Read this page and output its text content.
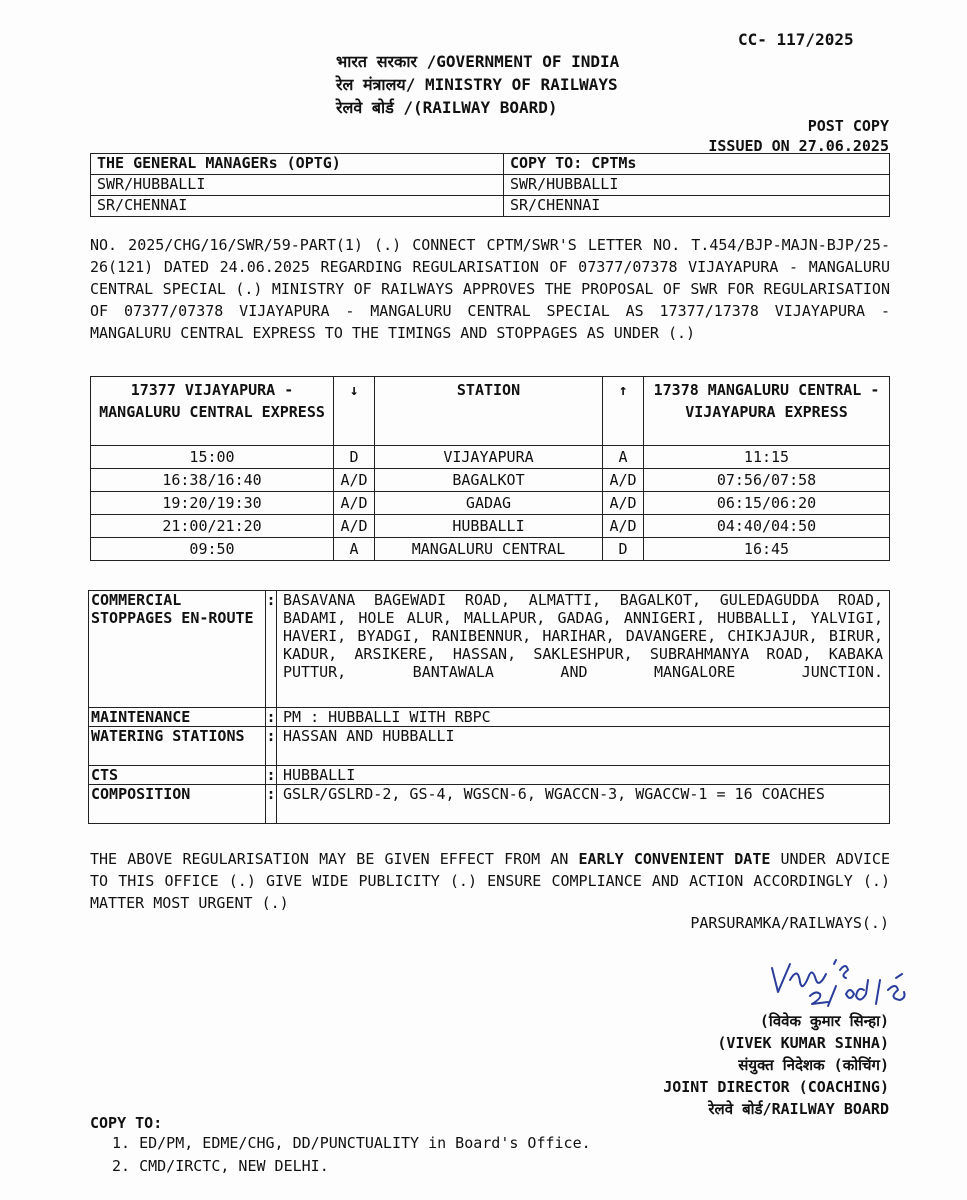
CC- 117/2025
भारत सरकार /GOVERNMENT OF INDIA
रेल मंत्रालय/ MINISTRY OF RAILWAYS
रेलवे बोर्ड /(RAILWAY BOARD)
POST COPY
ISSUED ON 27.06.2025
THE GENERAL MANAGERs (OPTG)	COPY TO: CPTMs
SWR/HUBBALLI	SWR/HUBBALLI
SR/CHENNAI	SR/CHENNAI
NO. 2025/CHG/16/SWR/59-PART(1) (.) CONNECT CPTM/SWR'S LETTER NO. T.454/BJP-MAJN-BJP/25-26(121) DATED 24.06.2025 REGARDING REGULARISATION OF 07377/07378 VIJAYAPURA - MANGALURU CENTRAL SPECIAL (.) MINISTRY OF RAILWAYS APPROVES THE PROPOSAL OF SWR FOR REGULARISATION OF 07377/07378 VIJAYAPURA - MANGALURU CENTRAL SPECIAL AS 17377/17378 VIJAYAPURA - MANGALURU CENTRAL EXPRESS TO THE TIMINGS AND STOPPAGES AS UNDER (.)
17377 VIJAYAPURA - MANGALURU CENTRAL EXPRESS	↓	STATION	↑	17378 MANGALURU CENTRAL - VIJAYAPURA EXPRESS
15:00	D	VIJAYAPURA	A	11:15
16:38/16:40	A/D	BAGALKOT	A/D	07:56/07:58
19:20/19:30	A/D	GADAG	A/D	06:15/06:20
21:00/21:20	A/D	HUBBALLI	A/D	04:40/04:50
09:50	A	MANGALURU CENTRAL	D	16:45
COMMERCIAL STOPPAGES EN-ROUTE	:	BASAVANA BAGEWADI ROAD, ALMATTI, BAGALKOT, GULEDAGUDDA ROAD, BADAMI, HOLE ALUR, MALLAPUR, GADAG, ANNIGERI, HUBBALLI, YALVIGI, HAVERI, BYADGI, RANIBENNUR, HARIHAR, DAVANGERE, CHIKJAJUR, BIRUR, KADUR, ARSIKERE, HASSAN, SAKLESHPUR, SUBRAHMANYA ROAD, KABAKA PUTTUR, BANTAWALA AND MANGALORE JUNCTION.
MAINTENANCE	:	PM : HUBBALLI WITH RBPC
WATERING STATIONS	:	HASSAN AND HUBBALLI
CTS	:	HUBBALLI
COMPOSITION	:	GSLR/GSLRD-2, GS-4, WGSCN-6, WGACCN-3, WGACCW-1 = 16 COACHES
THE ABOVE REGULARISATION MAY BE GIVEN EFFECT FROM AN EARLY CONVENIENT DATE UNDER ADVICE TO THIS OFFICE (.) GIVE WIDE PUBLICITY (.) ENSURE COMPLIANCE AND ACTION ACCORDINGLY (.) MATTER MOST URGENT (.)
PARSURAMKA/RAILWAYS(.)
(विवेक कुमार सिन्हा)
(VIVEK KUMAR SINHA)
संयुक्त निदेशक (कोचिंग)
JOINT DIRECTOR (COACHING)
रेलवे बोर्ड/RAILWAY BOARD
COPY TO:
1. ED/PM, EDME/CHG, DD/PUNCTUALITY in Board's Office.
2. CMD/IRCTC, NEW DELHI.
